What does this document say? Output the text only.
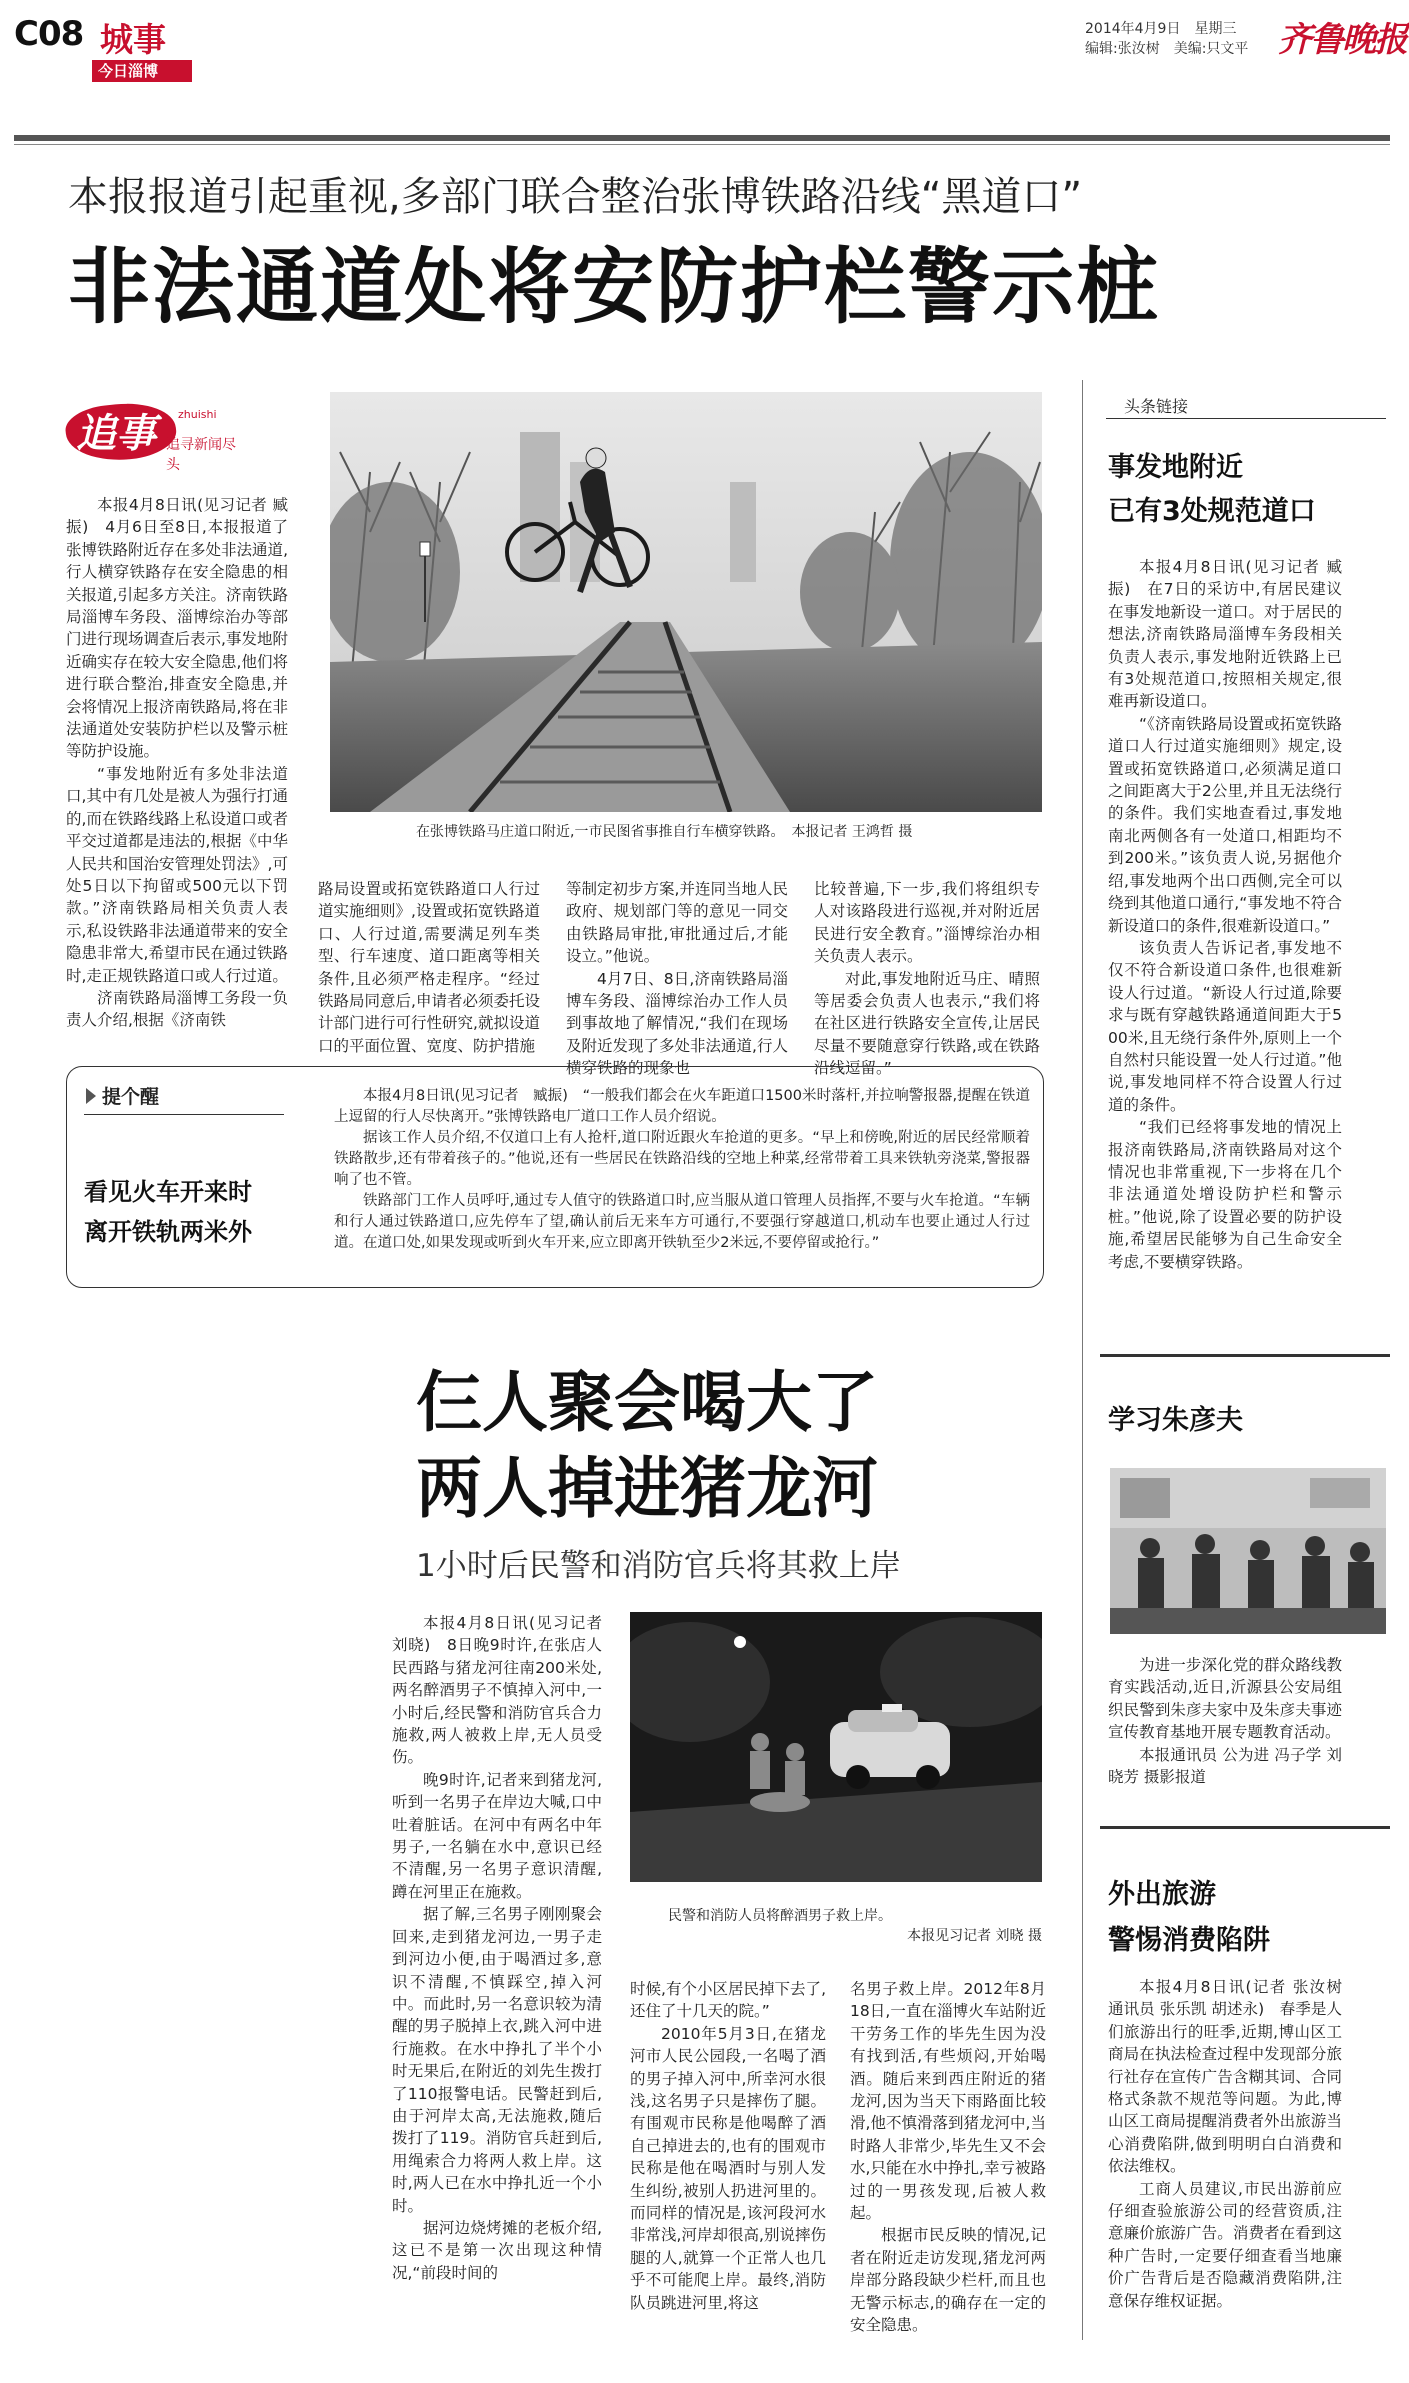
C08 城事
今日淄博
2014年4月9日　 星期三
编辑:张汝树　美编:只文平 齐鲁晚报
本报报道引起重视,多部门联合整治张博铁路沿线“黑道口”
非法通道处将安防护栏警示桩
追事 zhuishi
追寻新闻尽头

本报4月8日讯(见习记者 臧振)　4月6日至8日,本报报道了张博铁路附近存在多处非法通道,行人横穿铁路存在安全隐患的相关报道,引起多方关注。济南铁路局淄博车务段、淄博综治办等部门进行现场调查后表示,事发地附近确实存在较大安全隐患,他们将进行联合整治,排查安全隐患,并会将情况上报济南铁路局,将在非法通道处安装防护栏以及警示桩等防护设施。

“事发地附近有多处非法道口,其中有几处是被人为强行打通的,而在铁路线路上私设道口或者平交过道都是违法的,根据《中华人民共和国治安管理处罚法》,可处5日以下拘留或500元以下罚款。”济南铁路局相关负责人表示,私设铁路非法通道带来的安全隐患非常大,希望市民在通过铁路时,走正规铁路道口或人行过道。

济南铁路局淄博工务段一负责人介绍,根据《济南铁

在张博铁路马庄道口附近,一市民图省事推自行车横穿铁路。　本报记者 王鸿哲 摄

路局设置或拓宽铁路道口人行过道实施细则》,设置或拓宽铁路道口、人行过道,需要满足列车类型、行车速度、道口距离等相关条件,且必须严格走程序。“经过铁路局同意后,申请者必须委托设计部门进行可行性研究,就拟设道口的平面位置、宽度、防护措施

等制定初步方案,并连同当地人民政府、规划部门等的意见一同交由铁路局审批,审批通过后,才能设立。”他说。

4月7日、8日,济南铁路局淄博车务段、淄博综治办工作人员到事故地了解情况,“我们在现场及附近发现了多处非法通道,行人横穿铁路的现象也

比较普遍,下一步,我们将组织专人对该路段进行巡视,并对附近居民进行安全教育。”淄博综治办相关负责人表示。

对此,事发地附近马庄、晴照等居委会负责人也表示,“我们将在社区进行铁路安全宣传,让居民尽量不要随意穿行铁路,或在铁路沿线逗留。”

提个醒
看见火车开来时
离开铁轨两米外

本报4月8日讯(见习记者　臧振)　“一般我们都会在火车距道口1500米时落杆,并拉响警报器,提醒在铁道上逗留的行人尽快离开。”张博铁路电厂道口工作人员介绍说。

据该工作人员介绍,不仅道口上有人抢杆,道口附近跟火车抢道的更多。“早上和傍晚,附近的居民经常顺着铁路散步,还有带着孩子的。”他说,还有一些居民在铁路沿线的空地上种菜,经常带着工具来铁轨旁浇菜,警报器响了也不管。

铁路部门工作人员呼吁,通过专人值守的铁路道口时,应当服从道口管理人员指挥,不要与火车抢道。“车辆和行人通过铁路道口,应先停车了望,确认前后无来车方可通行,不要强行穿越道口,机动车也要止通过人行过道。在道口处,如果发现或听到火车开来,应立即离开铁轨至少2米远,不要停留或抢行。”

头条链接
事发地附近
已有3处规范道口

本报4月8日讯(见习记者 臧振)　在7日的采访中,有居民建议在事发地新设一道口。对于居民的想法,济南铁路局淄博车务段相关负责人表示,事发地附近铁路上已有3处规范道口,按照相关规定,很难再新设道口。

“《济南铁路局设置或拓宽铁路道口人行过道实施细则》规定,设置或拓宽铁路道口,必须满足道口之间距离大于2公里,并且无法绕行的条件。我们实地查看过,事发地南北两侧各有一处道口,相距均不到200米。”该负责人说,另据他介绍,事发地两个出口西侧,完全可以绕到其他道口通行,“事发地不符合新设道口的条件,很难新设道口。”

该负责人告诉记者,事发地不仅不符合新设道口条件,也很难新设人行过道。“新设人行过道,除要求与既有穿越铁路通道间距大于500米,且无绕行条件外,原则上一个自然村只能设置一处人行过道。”他说,事发地同样不符合设置人行过道的条件。

“我们已经将事发地的情况上报济南铁路局,济南铁路局对这个情况也非常重视,下一步将在几个非法通道处增设防护栏和警示桩。”他说,除了设置必要的防护设施,希望居民能够为自己生命安全考虑,不要横穿铁路。

学习朱彦夫

为进一步深化党的群众路线教育实践活动,近日,沂源县公安局组织民警到朱彦夫家中及朱彦夫事迹宣传教育基地开展专题教育活动。

本报通讯员 公为进 冯子学 刘晓芳 摄影报道

外出旅游
警惕消费陷阱

本报4月8日讯(记者 张汝树 通讯员 张乐凯 胡述永)　春季是人们旅游出行的旺季,近期,博山区工商局在执法检查过程中发现部分旅行社存在宣传广告含糊其词、合同格式条款不规范等问题。为此,博山区工商局提醒消费者外出旅游当心消费陷阱,做到明明白白消费和依法维权。

工商人员建议,市民出游前应仔细查验旅游公司的经营资质,注意廉价旅游广告。消费者在看到这种广告时,一定要仔细查看当地廉价广告背后是否隐藏消费陷阱,注意保存维权证据。

仨人聚会喝大了
两人掉进猪龙河
1小时后民警和消防官兵将其救上岸

本报4月8日讯(见习记者 刘晓)　8日晚9时许,在张店人民西路与猪龙河往南200米处,两名醉酒男子不慎掉入河中,一小时后,经民警和消防官兵合力施救,两人被救上岸,无人员受伤。

晚9时许,记者来到猪龙河,听到一名男子在岸边大喊,口中吐着脏话。在河中有两名中年男子,一名躺在水中,意识已经不清醒,另一名男子意识清醒,蹲在河里正在施救。

据了解,三名男子刚刚聚会回来,走到猪龙河边,一男子走到河边小便,由于喝酒过多,意识不清醒,不慎踩空,掉入河中。而此时,另一名意识较为清醒的男子脱掉上衣,跳入河中进行施救。在水中挣扎了半个小时无果后,在附近的刘先生拨打了110报警电话。民警赶到后,由于河岸太高,无法施救,随后拨打了119。消防官兵赶到后,用绳索合力将两人救上岸。这时,两人已在水中挣扎近一个小时。

据河边烧烤摊的老板介绍,这已不是第一次出现这种情况,“前段时间的

民警和消防人员将醉酒男子救上岸。
本报见习记者 刘晓 摄

时候,有个小区居民掉下去了,还住了十几天的院。”

2010年5月3日,在猪龙河市人民公园段,一名喝了酒的男子掉入河中,所幸河水很浅,这名男子只是摔伤了腿。有围观市民称是他喝醉了酒自己掉进去的,也有的围观市民称是他在喝酒时与别人发生纠纷,被别人扔进河里的。而同样的情况是,该河段河水非常浅,河岸却很高,别说摔伤腿的人,就算一个正常人也几乎不可能爬上岸。最终,消防队员跳进河里,将这

名男子救上岸。2012年8月18日,一直在淄博火车站附近干劳务工作的毕先生因为没有找到活,有些烦闷,开始喝酒。随后来到西庄附近的猪龙河,因为当天下雨路面比较滑,他不慎滑落到猪龙河中,当时路人非常少,毕先生又不会水,只能在水中挣扎,幸亏被路过的一男孩发现,后被人救起。

根据市民反映的情况,记者在附近走访发现,猪龙河两岸部分路段缺少栏杆,而且也无警示标志,的确存在一定的安全隐患。
